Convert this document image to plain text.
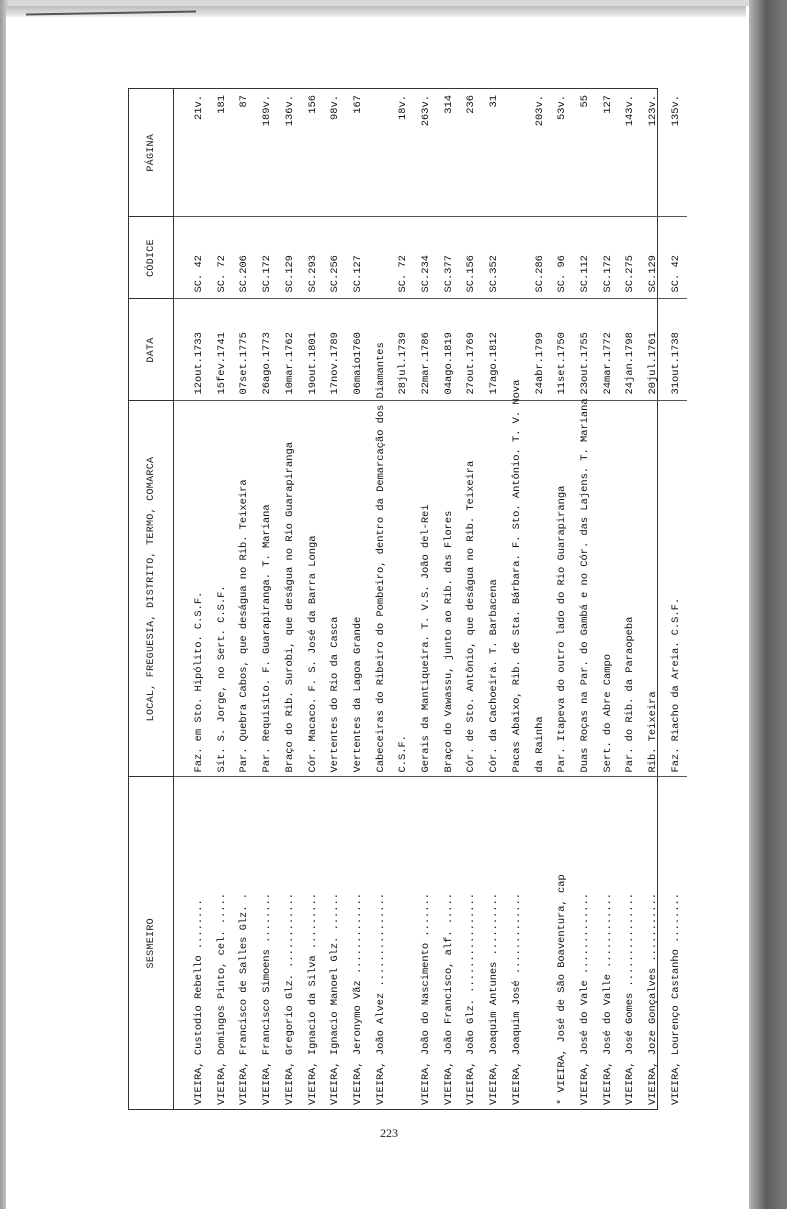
SESMEIRO	LOCAL, FREGUESIA, DISTRITO, TERMO, COMARCA	DATA	CÓDICE	PÁGINA

VIEIRA, Custodio Rebello ........	Faz. em Sto. Hipólito. C.S.F.	12out.1733	SC. 42	21v.
VIEIRA, Domingos Pinto, cel. .....	Sít. S. Jorge, no Sert. C.S.F.	15fev.1741	SC. 72	181
VIEIRA, Francisco de Salles Glz. .	Par. Quebra Cabos, que deságua no Rib. Teixeira	07set.1775	SC.206	87
VIEIRA, Francisco Simoens ........	Par. Requisito. F. Guarapiranga. T. Mariana	26ago.1773	SC.172	189v.
VIEIRA, Gregorio Glz. ............	Braço do Rib. Surobi, que deságua no Rio Guarapiranga	10mar.1762	SC.129	136v.
VIEIRA, Ignacio da Silva .........	Cór. Macaco. F. S. José da Barra Longa	19out.1801	SC.293	156
VIEIRA, Ignacio Manoel Glz. ......	Vertentes do Rio da Casca	17nov.1789	SC.256	98v.
VIEIRA, Jeronymo Vãz .............	Vertentes da Lagoa Grande	06maio1760	SC.127	167
VIEIRA, João Alvez ...............	Cabeceiras do Ribeiro do Pombeiro, dentro da Demarcação dos Diamantes			
	C.S.F.	28jul.1739	SC. 72	18v.
VIEIRA, João do Nascimento .......	Gerais da Mantiqueira. T. V.S. João del-Rei	22mar.1786	SC.234	263v.
VIEIRA, João Francisco, alf. .....	Braço do Vawassu, junto ao Rib. das Flores	04ago.1819	SC.377	314
VIEIRA, João Glz. ................	Cór. de Sto. Antônio, que deságua no Rib. Teixeira	27out.1769	SC.156	236
VIEIRA, Joaquim Antunes ..........	Cór. da Cachoeira. T. Barbacena	17ago.1812	SC.352	31
VIEIRA, Joaquim José .............	Pacas Abaixo, Rib. de Sta. Bárbara. F. Sto. Antônio. T. V. Nova			
	da Rainha	24abr.1799	SC.286	203v.
* VIEIRA, José de São Boaventura, cap	Par. Itapeva do outro lado do Rio Guarapiranga	11set.1750	SC. 96	53v.
VIEIRA, José do Vale .............	Duas Roças na Par. do Gambá e no Cór. das Lajens. T. Mariana	23out.1755	SC.112	55
VIEIRA, José do Valle ............	Sert. do Abre Campo	24mar.1772	SC.172	127
VIEIRA, José Gomes ...............	Par. do Rib. da Paraopeba	24jan.1798	SC.275	143v.
VIEIRA, Joze Gonçalves ...........	Rib. Teixeira	20jul.1761	SC.129	123v.
VIEIRA, Lourenço Castanho ........	Faz. Riacho da Areia. C.S.F.	31out.1738	SC. 42	135v.
223
